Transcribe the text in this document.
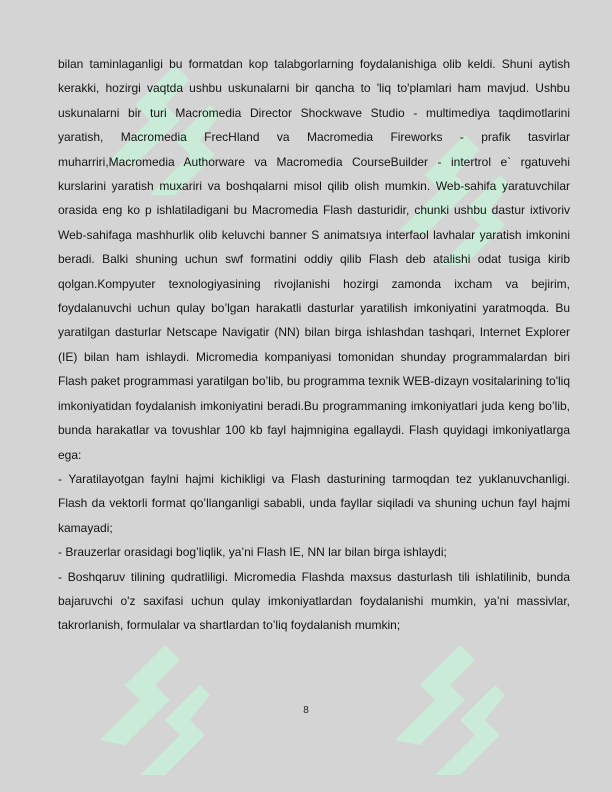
bilan taminlaganligi bu formatdan kop talabgorlarning foydalanishiga olib keldi. Shuni aytish kerakki, hozirgi vaqtda ushbu uskunalarni bir qancha to 'liq to'plamlari ham mavjud. Ushbu uskunalarni bir turi Macromedia Director Shockwave Studio - multimediya taqdimotlarini yaratish, Macromedia FrecHland va Macromedia Fireworks - prafik tasvirlar muharriri,Macromedia Authorware va Macromedia CourseBuilder - intertrol e` rgatuvehi kurslarini yaratish muxariri va boshqalarni misol qilib olish mumkin. Web-sahifa yaratuvchilar orasida eng ko p ishlatiladigani bu Macromedia Flash dasturidir, chunki ushbu dastur ixtivoriv Web-sahifaga mashhurlik olib keluvchi banner S animatsıya interfaol lavhalar yaratish imkonini beradi. Balki shuning uchun swf formatini oddiy qilib Flash deb atalishi odat tusiga kirib qolgan.Kompyuter texnologiyasining rivojlanishi hozirgi zamonda ixcham va bejirim, foydalanuvchi uchun qulay bo’lgan harakatli dasturlar yaratilish imkoniyatini yaratmoqda. Bu yaratilgan dasturlar Netscape Navigatir (NN) bilan birga ishlashdan tashqari, Internet Explorer (IE) bilan ham ishlaydi. Micromedia kompaniyasi tomonidan shunday programmalardan biri Flash paket programmasi yaratilgan bo’lib, bu programma texnik WEB-dizayn vositalarining to'liq imkoniyatidan foydalanish imkoniyatini beradi.Bu programmaning imkoniyatlari juda keng bo’lib, bunda harakatlar va tovushlar 100 kb fayl hajmnigina egallaydi. Flash quyidagi imkoniyatlarga ega:

- Yaratilayotgan faylni hajmi kichikligi va Flash dasturining tarmoqdan tez yuklanuvchanligi. Flash da vektorli format qo’llanganligi sababli, unda fayllar siqiladi va shuning uchun fayl hajmi kamayadi;

- Brauzerlar orasidagi bog’liqlik, ya’ni Flash IE, NN lar bilan birga ishlaydi;

- Boshqaruv tilining qudratliligi. Micromedia Flashda maxsus dasturlash tili ishlatilinib, bunda bajaruvchi o'z saxifasi uchun qulay imkoniyatlardan foydalanishi mumkin, ya’ni massivlar, takrorlanish, formulalar va shartlardan to’liq foydalanish mumkin;

8
